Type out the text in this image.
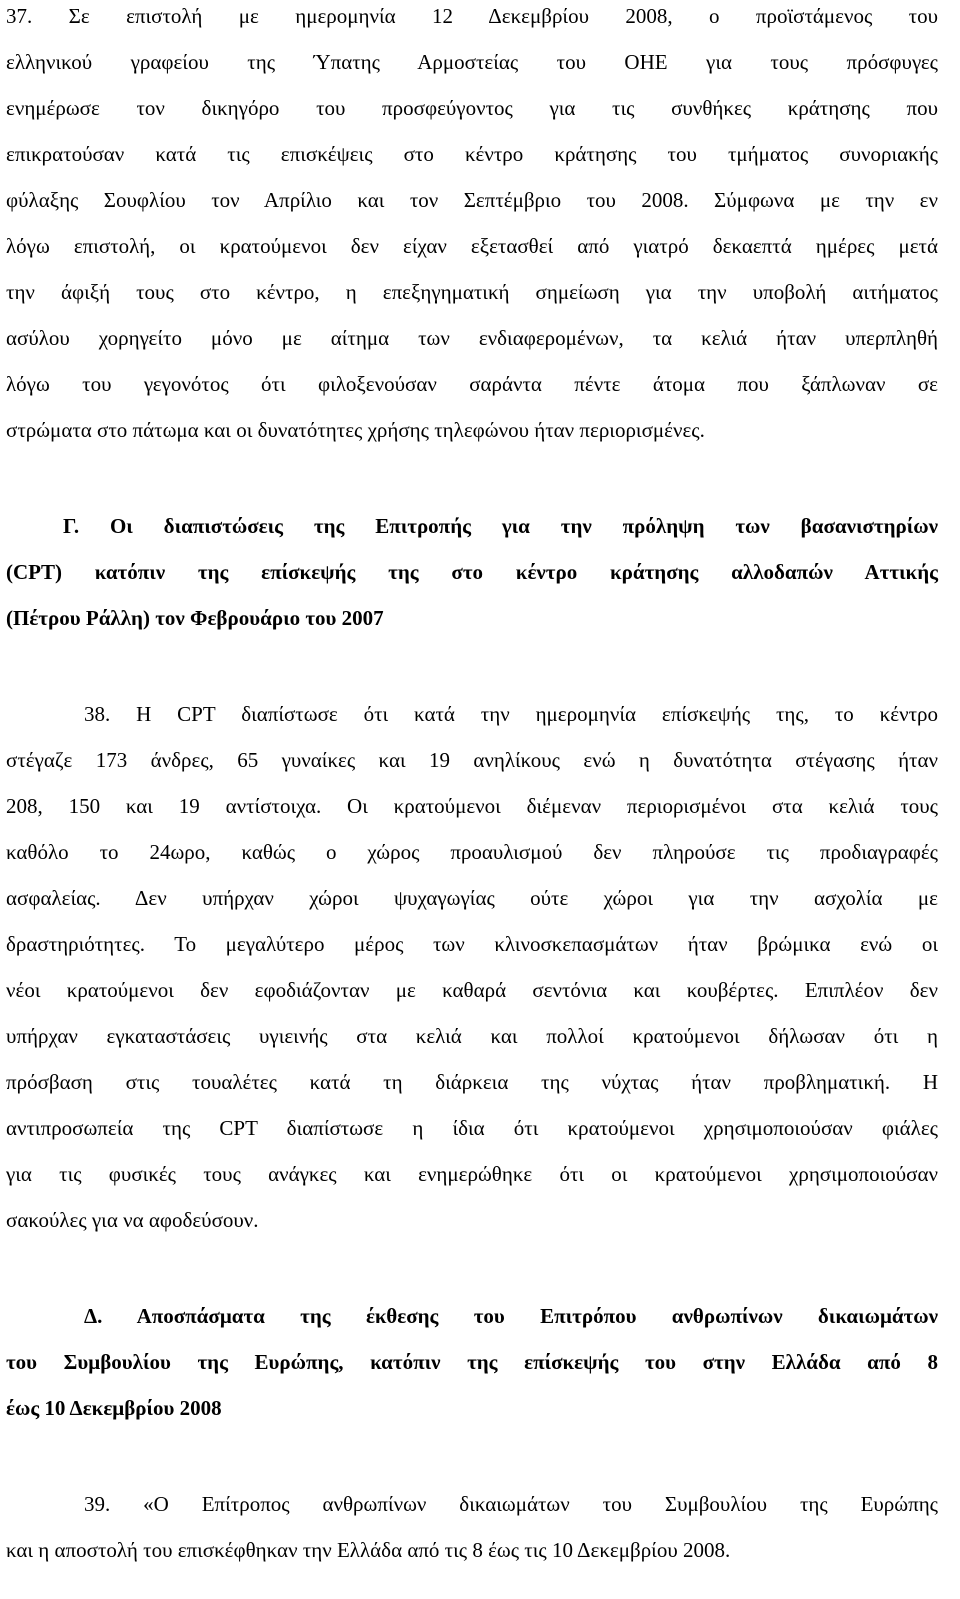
37. Σε επιστολή με ημερομηνία 12 Δεκεμβρίου 2008, ο προϊστάμενος του
ελληνικού γραφείου της Ύπατης Αρμοστείας του ΟΗΕ για τους πρόσφυγες
ενημέρωσε τον δικηγόρο του προσφεύγοντος για τις συνθήκες κράτησης που
επικρατούσαν κατά τις επισκέψεις στο κέντρο κράτησης του τμήματος συνοριακής
φύλαξης Σουφλίου τον Απρίλιο και τον Σεπτέμβριο του 2008. Σύμφωνα με την εν
λόγω επιστολή, οι κρατούμενοι δεν είχαν εξετασθεί από γιατρό δεκαεπτά ημέρες μετά
την άφιξή τους στο κέντρο, η επεξηγηματική σημείωση για την υποβολή αιτήματος
ασύλου χορηγείτο μόνο με αίτημα των ενδιαφερομένων, τα κελιά ήταν υπερπληθή
λόγω του γεγονότος ότι φιλοξενούσαν σαράντα πέντε άτομα που ξάπλωναν σε
στρώματα στο πάτωμα και οι δυνατότητες χρήσης τηλεφώνου ήταν περιορισμένες.
Γ. Οι διαπιστώσεις της Επιτροπής για την πρόληψη των βασανιστηρίων
(CPT) κατόπιν της επίσκεψής της στο κέντρο κράτησης αλλοδαπών Αττικής
(Πέτρου Ράλλη) τον Φεβρουάριο του 2007
38. Η CPT διαπίστωσε ότι κατά την ημερομηνία επίσκεψής της, το κέντρο
στέγαζε 173 άνδρες, 65 γυναίκες και 19 ανηλίκους ενώ η δυνατότητα στέγασης ήταν
208, 150 και 19 αντίστοιχα. Οι κρατούμενοι διέμεναν περιορισμένοι στα κελιά τους
καθόλο το 24ωρο, καθώς ο χώρος προαυλισμού δεν πληρούσε τις προδιαγραφές
ασφαλείας. Δεν υπήρχαν χώροι ψυχαγωγίας ούτε χώροι για την ασχολία με
δραστηριότητες. Το μεγαλύτερο μέρος των κλινοσκεπασμάτων ήταν βρώμικα ενώ οι
νέοι κρατούμενοι δεν εφοδιάζονταν με καθαρά σεντόνια και κουβέρτες. Επιπλέον δεν
υπήρχαν εγκαταστάσεις υγιεινής στα κελιά και πολλοί κρατούμενοι δήλωσαν ότι η
πρόσβαση στις τουαλέτες κατά τη διάρκεια της νύχτας ήταν προβληματική. Η
αντιπροσωπεία της CPT διαπίστωσε η ίδια ότι κρατούμενοι χρησιμοποιούσαν φιάλες
για τις φυσικές τους ανάγκες και ενημερώθηκε ότι οι κρατούμενοι χρησιμοποιούσαν
σακούλες για να αφοδεύσουν.
Δ. Αποσπάσματα της έκθεσης του Επιτρόπου ανθρωπίνων δικαιωμάτων
του Συμβουλίου της Ευρώπης, κατόπιν της επίσκεψής του στην Ελλάδα από 8
έως 10 Δεκεμβρίου 2008
39. «Ο Επίτροπος ανθρωπίνων δικαιωμάτων του Συμβουλίου της Ευρώπης
και η αποστολή του επισκέφθηκαν την Ελλάδα από τις 8 έως τις 10 Δεκεμβρίου 2008.
